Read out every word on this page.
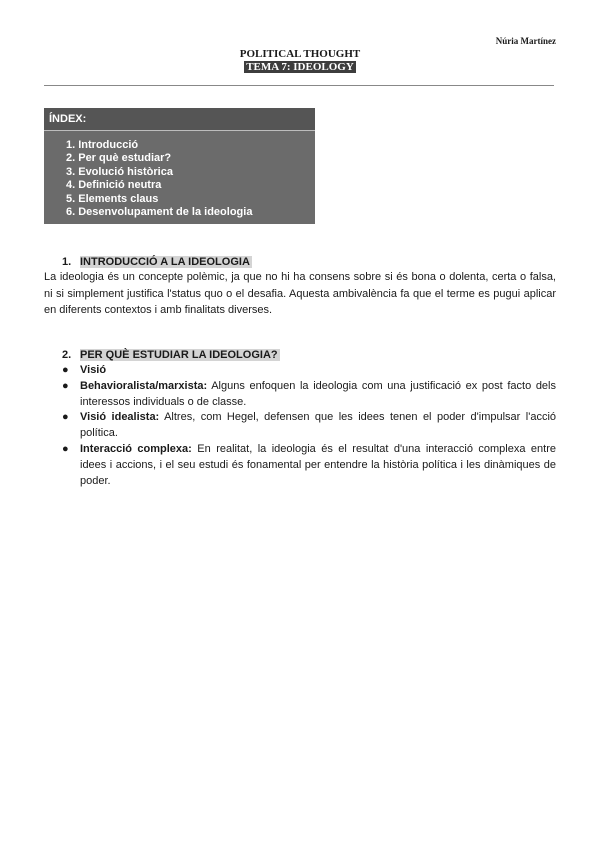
Núria Martínez
POLITICAL THOUGHT
TEMA 7: IDEOLOGY
ÍNDEX:
1. Introducció
2. Per què estudiar?
3. Evolució històrica
4. Definició neutra
5. Elements claus
6. Desenvolupament de la ideologia
1. INTRODUCCIÓ A LA IDEOLOGIA
La ideologia és un concepte polèmic, ja que no hi ha consens sobre si és bona o dolenta, certa o falsa, ni si simplement justifica l'status quo o el desafia. Aquesta ambivalència fa que el terme es pugui aplicar en diferents contextos i amb finalitats diverses.
2. PER QUÈ ESTUDIAR LA IDEOLOGIA?
● Visió
● Behavioralista/marxista: Alguns enfoquen la ideologia com una justificació ex post facto dels interessos individuals o de classe.
● Visió idealista: Altres, com Hegel, defensen que les idees tenen el poder d'impulsar l'acció política.
● Interacció complexa: En realitat, la ideologia és el resultat d'una interacció complexa entre idees i accions, i el seu estudi és fonamental per entendre la història política i les dinàmiques de poder.
